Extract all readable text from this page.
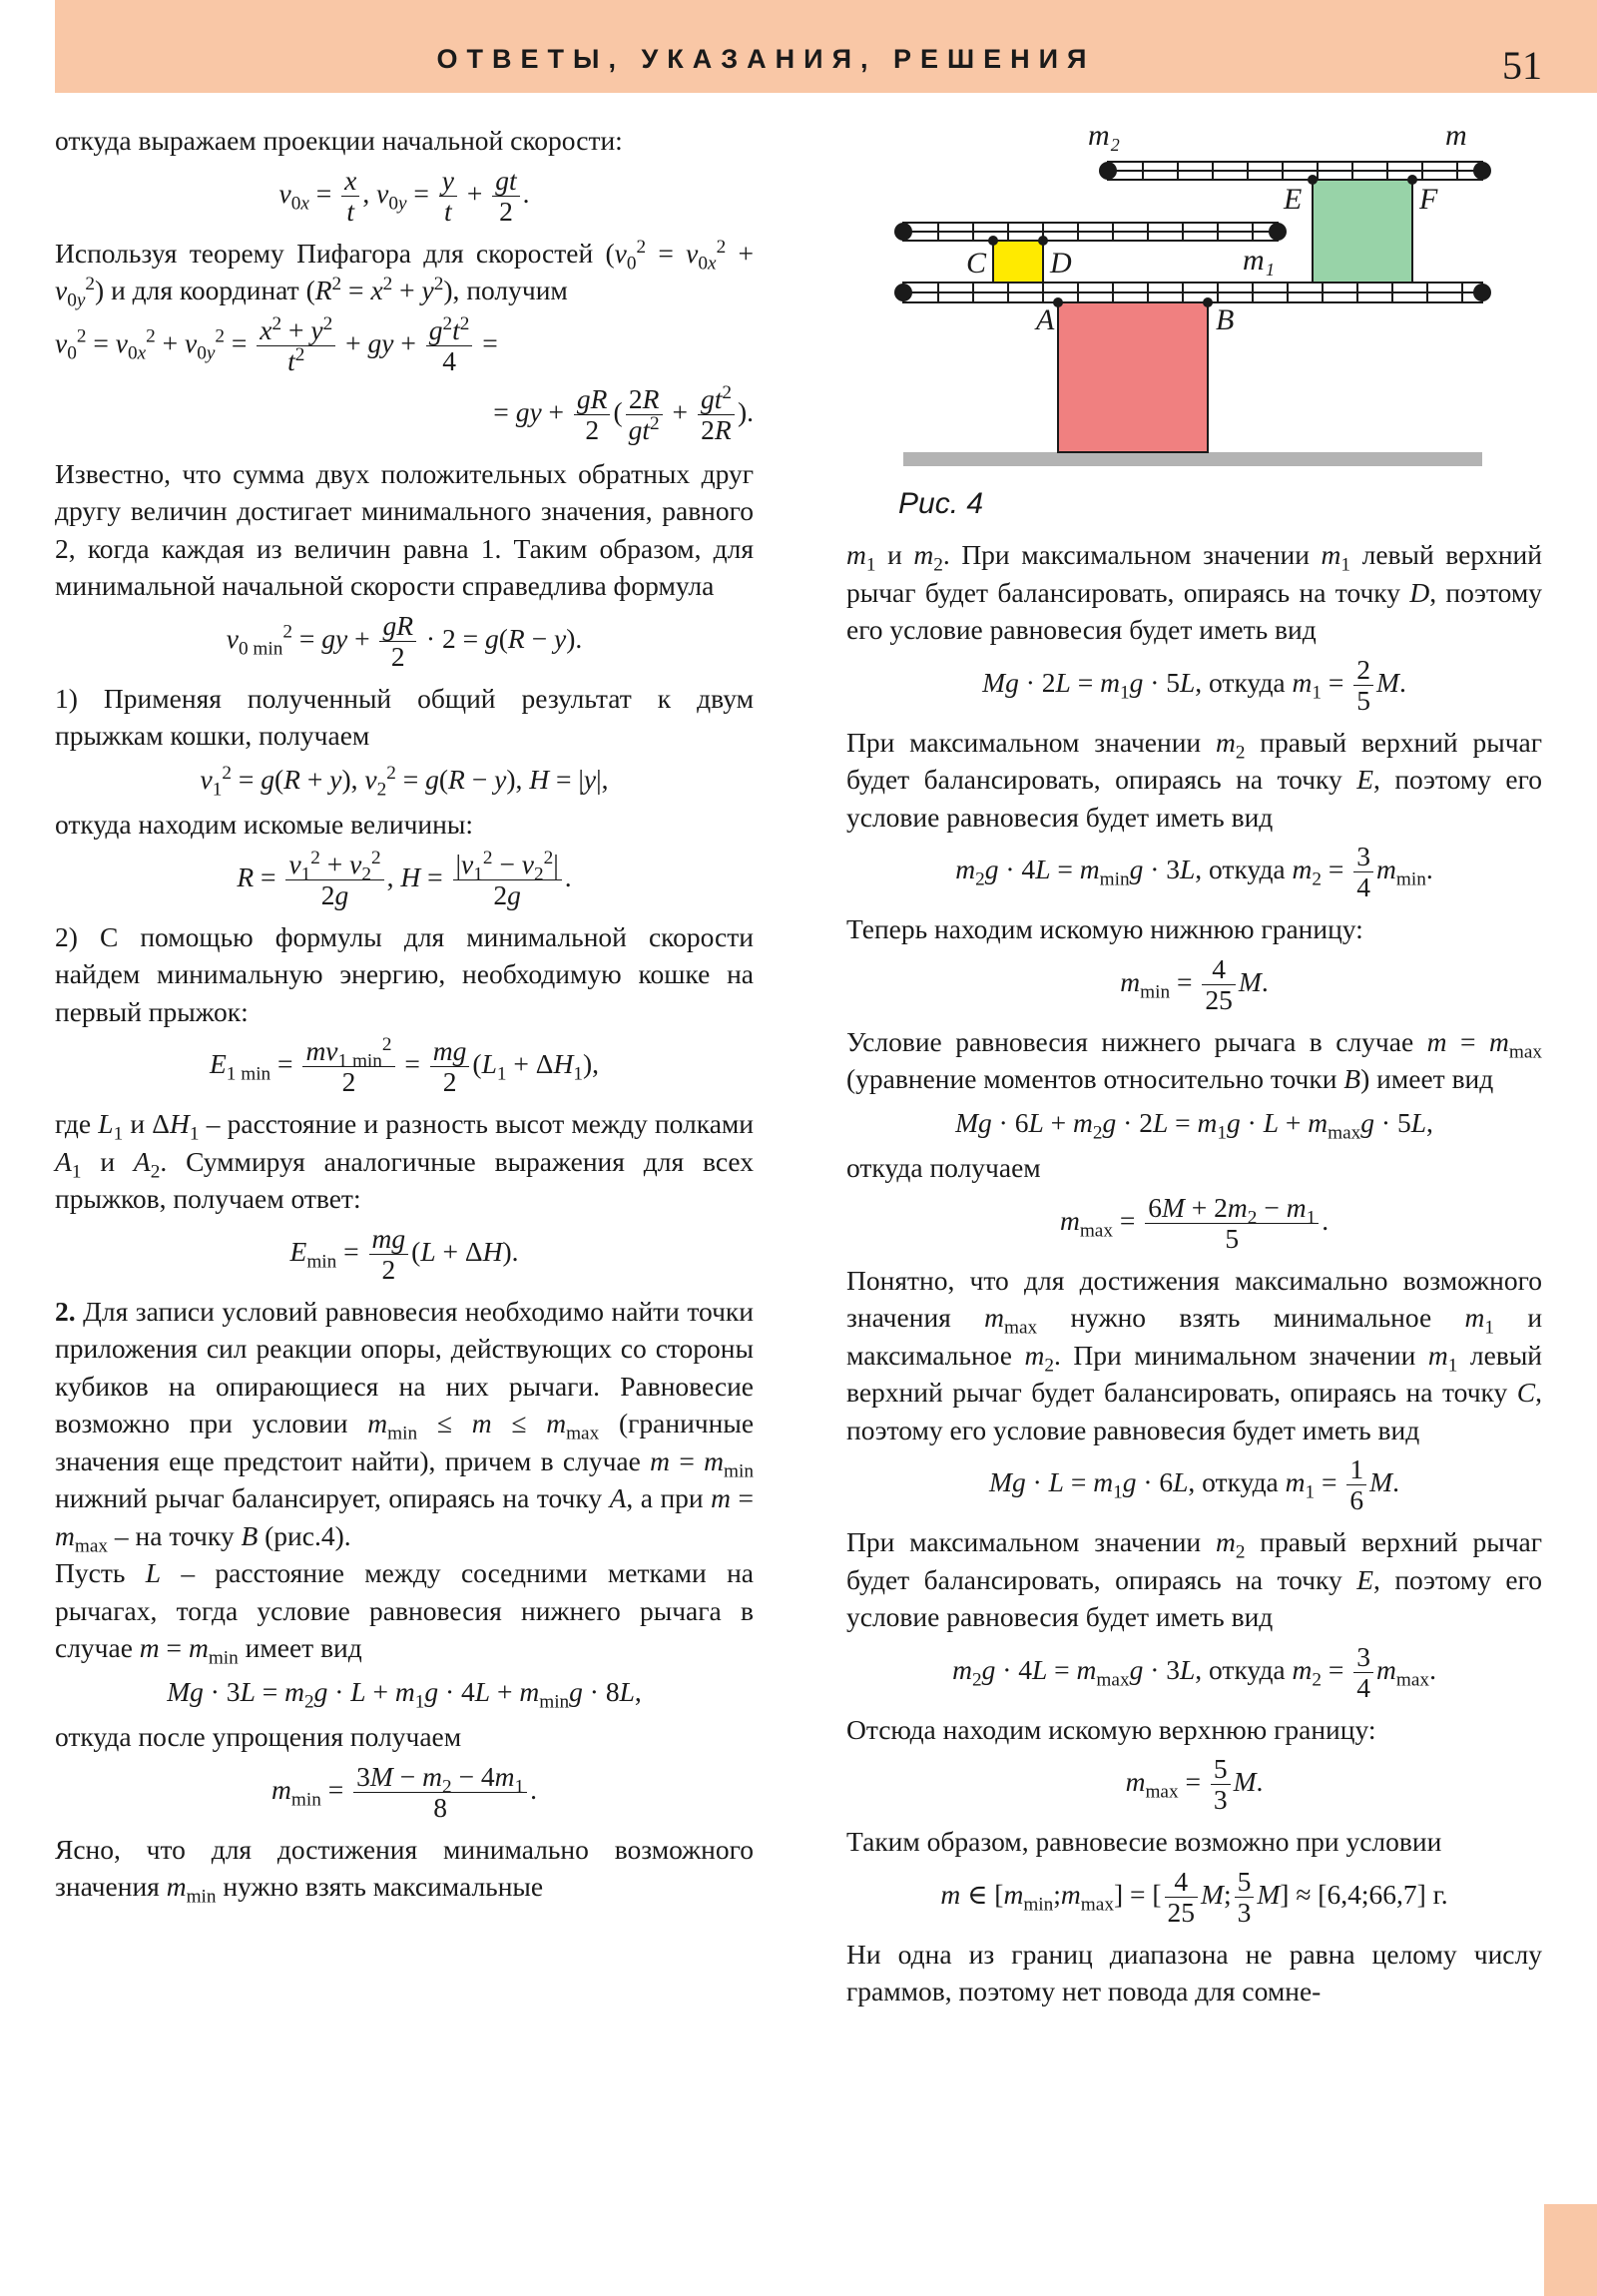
ОТВЕТЫ, УКАЗАНИЯ, РЕШЕНИЯ	51
m₂	m
E	F
C D	m₁
A	B
Рис. 4

откуда выражаем проекции начальной скорости:

$v_{0x} = \frac{x}{t}$ , $v_{0y} = \frac{y}{t} + \frac{gt}{2}$ .

Используя теорему Пифагора для скоростей $(v_0^2 = v_{0x}^2 + v_{0y}^2)$ и для координат $(R^2 = x^2 + y^2)$, получим

$v_0^2 = v_{0x}^2 + v_{0y}^2 = \frac{x^2 + y^2}{t^2}$ + gy + $\frac{g^2t^2}{4}$ =
= gy + $\frac{gR}{2}$ ( $\frac{2R}{gt^2} + \frac{gt^2}{2R}$ ).

Известно, что сумма двух положительных обратных друг другу величин достигает минимального значения, равного 2, когда каждая из величин равна 1. Таким образом, для минимальной начальной скорости справедлива формула

$v_{0 min}^2$ = gy + $\frac{gR}{2} \cdot 2 = g(R - y)$.

1) Применяя полученный общий результат к двум прыжкам кошки, получаем

$v_1^2 = g(R + y)$, $v_2^2 = g(R - y)$, H = |y|,

откуда находим искомые величины:

$R = \frac{v_1^2 + v_2^2}{2g}$ , $H = \frac{|v_1^2 - v_2^2|}{2g}$ .

2) С помощью формулы для минимальной скорости найдем минимальную энергию, необходимую кошке на первый прыжок:

$E_{1 min} = \frac{mv_{1 min}^2}{2} = \frac{mg}{2} (L_1 + \Delta H_1)$,

где $L_1$ и $\Delta H_1$ – расстояние и разность высот между полками $A_1$ и $A_2$. Суммируя аналогичные выражения для всех прыжков, получаем ответ:

$E_{min} = \frac{mg}{2} (L + \Delta H)$.

2. Для записи условий равновесия необходимо найти точки приложения сил реакции опоры, действующих со стороны кубиков на опирающиеся на них рычаги. Равновесие возможно при условии $m_{min} \le m \le m_{max}$ (граничные значения еще предстоит найти), причем в случае $m = m_{min}$ нижний рычаг балансирует, опираясь на точку A, а при $m = m_{max}$ – на точку B (рис.4).

Пусть L – расстояние между соседними метками на рычагах, тогда условие равновесия нижнего рычага в случае $m = m_{min}$ имеет вид

$Mg \cdot 3L = m_2g \cdot L + m_1g \cdot 4L + m_{min}g \cdot 8L$,

откуда после упрощения получаем

$m_{min} = \frac{3M - m_2 - 4m_1}{8}$ .

Ясно, что для достижения минимально возможного значения $m_{min}$ нужно взять максимальные

$m_1$ и $m_2$. При максимальном значении $m_1$ левый верхний рычаг будет балансировать, опираясь на точку D, поэтому его условие равновесия будет иметь вид

$Mg \cdot 2L = m_1g \cdot 5L$, откуда $m_1 = \frac{2}{5} M$.

При максимальном значении $m_2$ правый верхний рычаг будет балансировать, опираясь на точку E, поэтому его условие равновесия будет иметь вид

$m_2g \cdot 4L = m_{min}g \cdot 3L$, откуда $m_2 = \frac{3}{4} m_{min}$.

Теперь находим искомую нижнюю границу:

$m_{min} = \frac{4}{25} M$.

Условие равновесия нижнего рычага в случае $m = m_{max}$ (уравнение моментов относительно точки B) имеет вид

$Mg \cdot 6L + m_2g \cdot 2L = m_1g \cdot L + m_{max}g \cdot 5L$,

откуда получаем

$m_{max} = \frac{6M + 2m_2 - m_1}{5}$ .

Понятно, что для достижения максимально возможного значения $m_{max}$ нужно взять минимальное $m_1$ и максимальное $m_2$. При минимальном значении $m_1$ левый верхний рычаг будет балансировать, опираясь на точку C, поэтому его условие равновесия будет иметь вид

$Mg \cdot L = m_1g \cdot 6L$, откуда $m_1 = \frac{1}{6} M$.

При максимальном значении $m_2$ правый верхний рычаг будет балансировать, опираясь на точку E, поэтому его условие равновесия будет иметь вид

$m_2g \cdot 4L = m_{max}g \cdot 3L$, откуда $m_2 = \frac{3}{4} m_{max}$.

Отсюда находим искомую верхнюю границу:

$m_{max} = \frac{5}{3} M$.

Таким образом, равновесие возможно при условии

m ∈ $[m_{min};m_{max}]$ = [ $\frac{4}{25} M$; $\frac{5}{3} M$] ≈ [6,4;66,7] г.

Ни одна из границ диапазона не равна целому числу граммов, поэтому нет повода для сомне-
